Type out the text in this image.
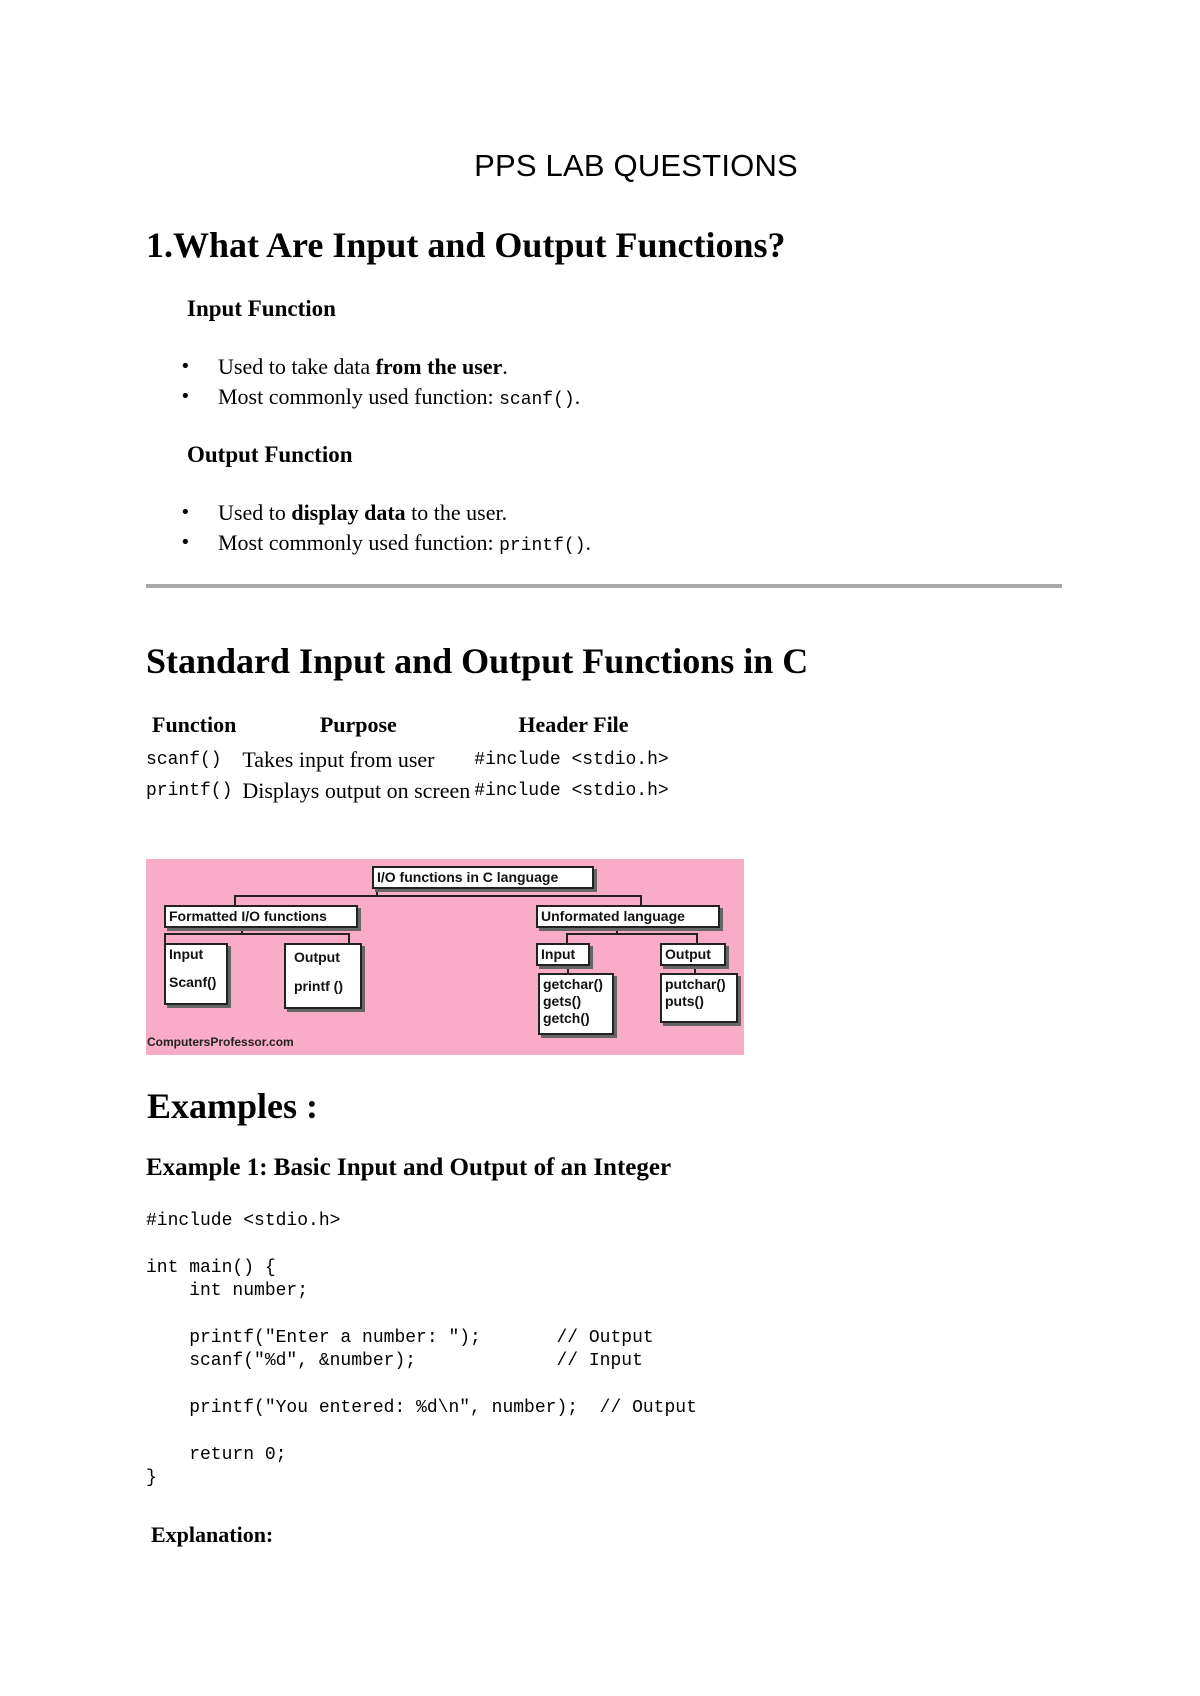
PPS LAB QUESTIONS
1.What Are Input and Output Functions?
Input Function
• Used to take data from the user.
• Most commonly used function: scanf().
Output Function
• Used to display data to the user.
• Most commonly used function: printf().
Standard Input and Output Functions in C
Function	Purpose	Header File
scanf()	Takes input from user	#include <stdio.h>
printf()	Displays output on screen	#include <stdio.h>
I/O functions in C language
Formatted I/O functions	Unformated language
Input
Scanf()
Output
printf ()
Input	Output
getchar()
gets()
getch()
putchar()
puts()
ComputersProfessor.com
Examples :
Example 1: Basic Input and Output of an Integer
#include <stdio.h>

int main() {
int number;

printf("Enter a number: ");       // Output
scanf("%d", &number);             // Input

printf("You entered: %d\n", number);  // Output

return 0;
}
Explanation:
